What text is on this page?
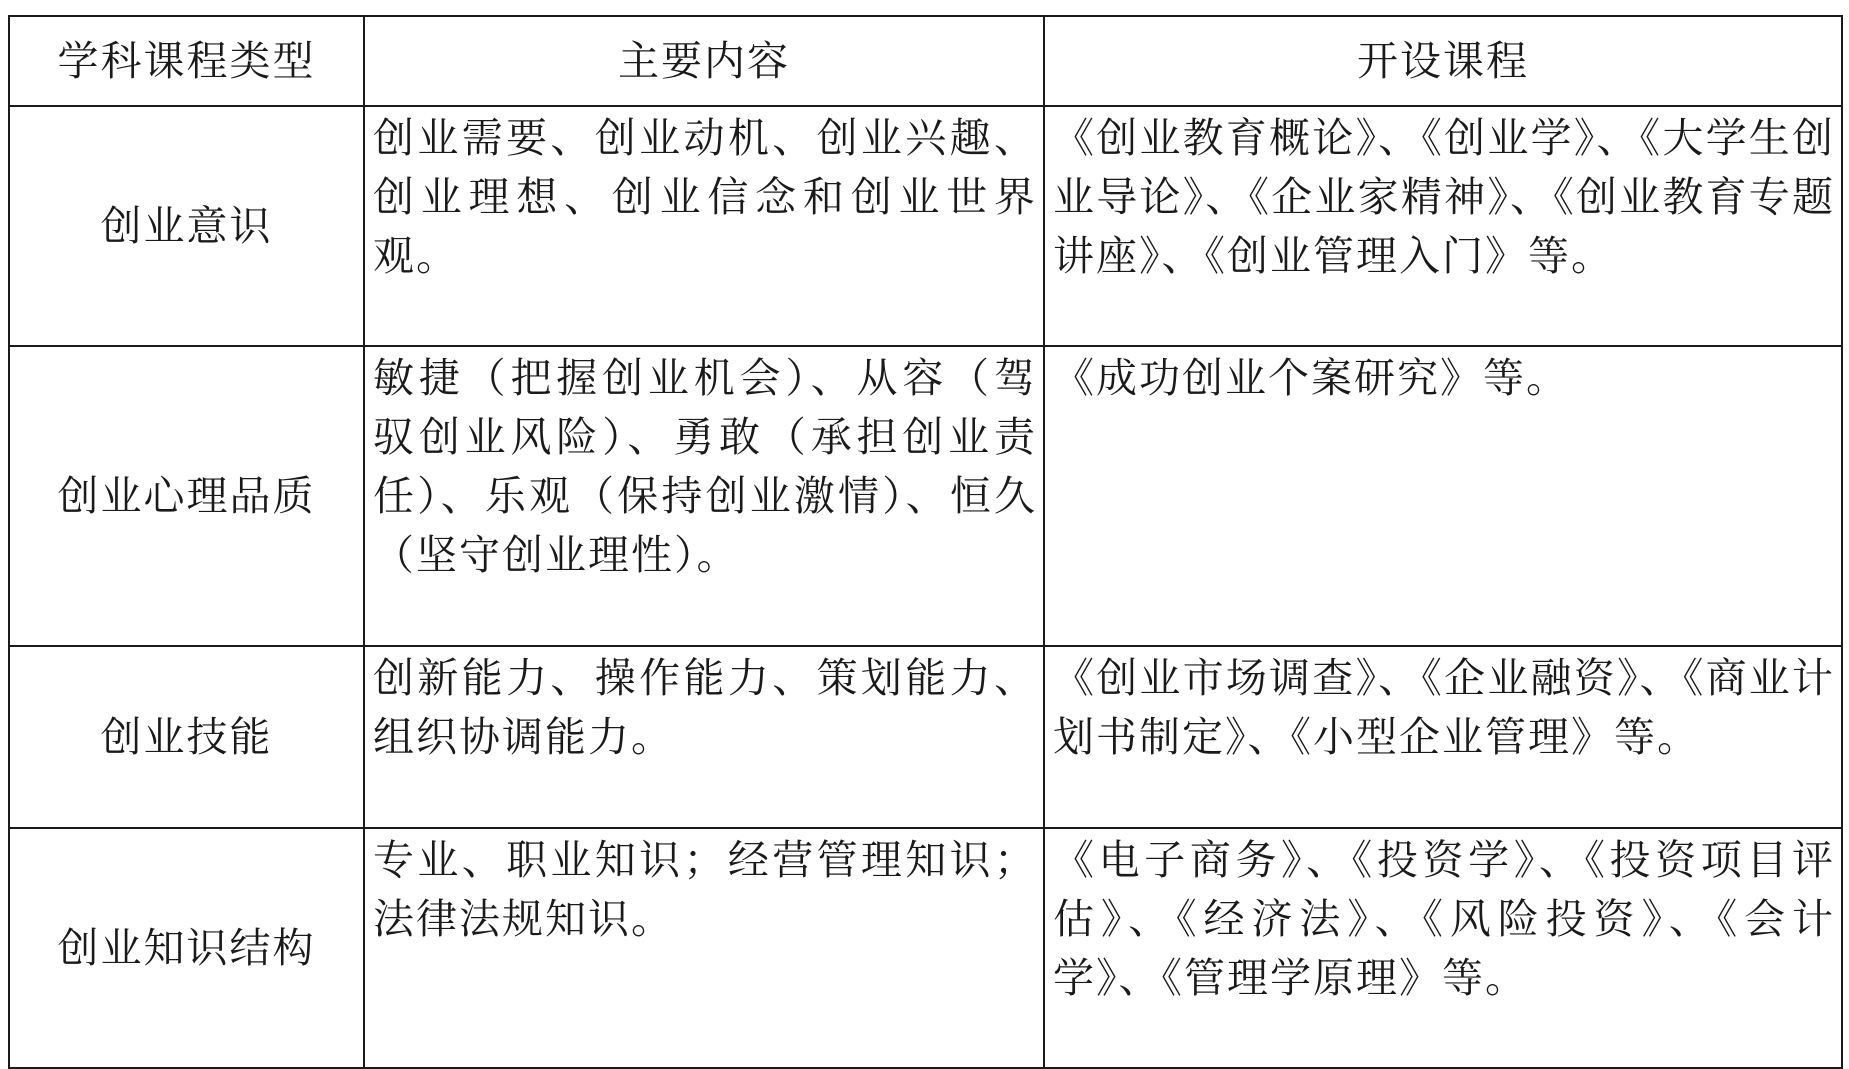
学科课程类型	主要内容	开设课程
创业意识	创业需要、创业动机、创业兴趣、创业理想、创业信念和创业世界观。	《创业教育概论》、《创业学》、《大学生创业导论》、《企业家精神》、《创业教育专题讲座》、《创业管理入门》等。
创业心理品质	敏捷（把握创业机会）、从容（驾驭创业风险）、勇敢（承担创业责任）、乐观（保持创业激情）、恒久（坚守创业理性）。	《成功创业个案研究》等。
创业技能	创新能力、操作能力、策划能力、组织协调能力。	《创业市场调查》、《企业融资》、《商业计划书制定》、《小型企业管理》等。
创业知识结构	专业、职业知识；经营管理知识；法律法规知识。	《电子商务》、《投资学》、《投资项目评估》、《经济法》、《风险投资》、《会计学》、《管理学原理》等。
